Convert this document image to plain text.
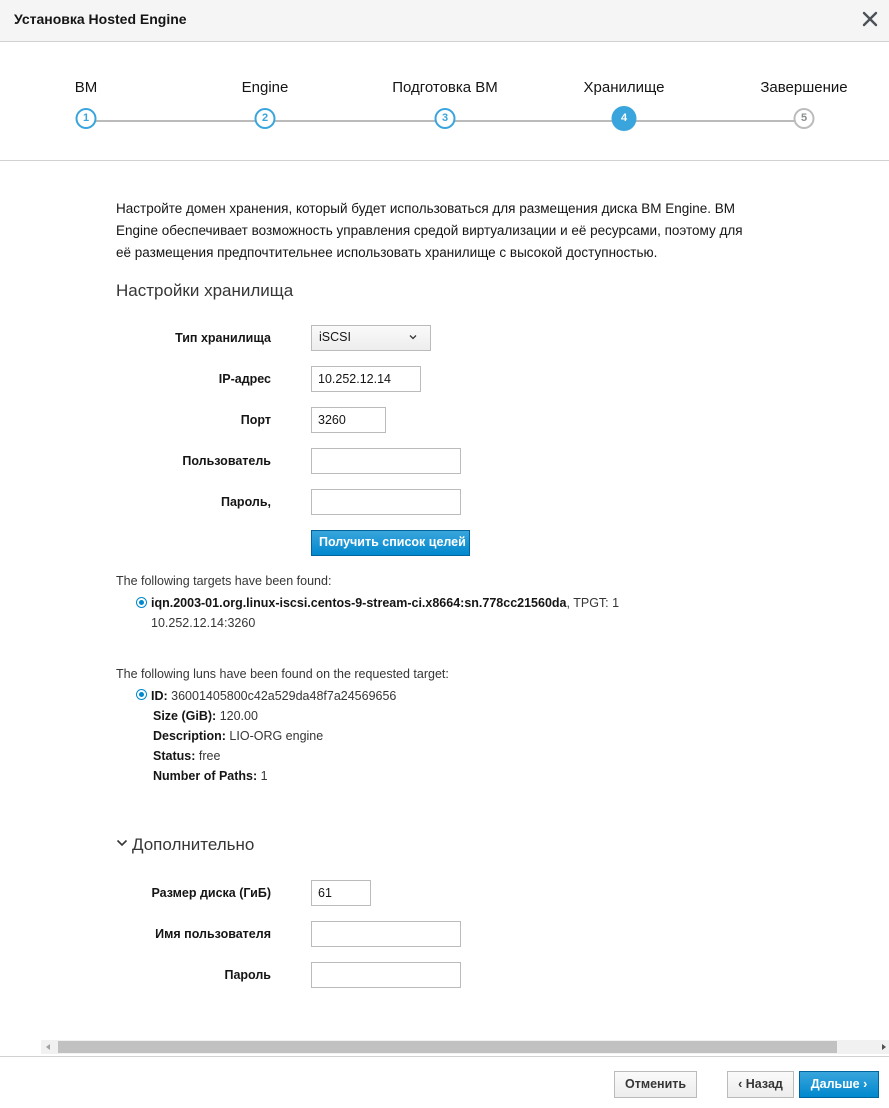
Установка Hosted Engine
ВМ	Engine	Подготовка ВМ	Хранилище	Завершение
1	2	3	4	5
Настройте домен хранения, который будет использоваться для размещения диска ВМ Engine. ВМ
Engine обеспечивает возможность управления средой виртуализации и её ресурсами, поэтому для
её размещения предпочтительнее использовать хранилище с высокой доступностью.
Настройки хранилища
Тип хранилища	iSCSI
IP-адрес	10.252.12.14
Порт	3260
Пользователь
Пароль,
Получить список целей
The following targets have been found:
iqn.2003-01.org.linux-iscsi.centos-9-stream-ci.x8664:sn.778cc21560da, TPGT: 1
10.252.12.14:3260
The following luns have been found on the requested target:
ID: 36001405800c42a529da48f7a24569656
Size (GiB): 120.00
Description: LIO-ORG engine
Status: free
Number of Paths: 1
Дополнительно
Размер диска (ГиБ)	61
Имя пользователя
Пароль
Отменить	‹ Назад	Дальше ›
